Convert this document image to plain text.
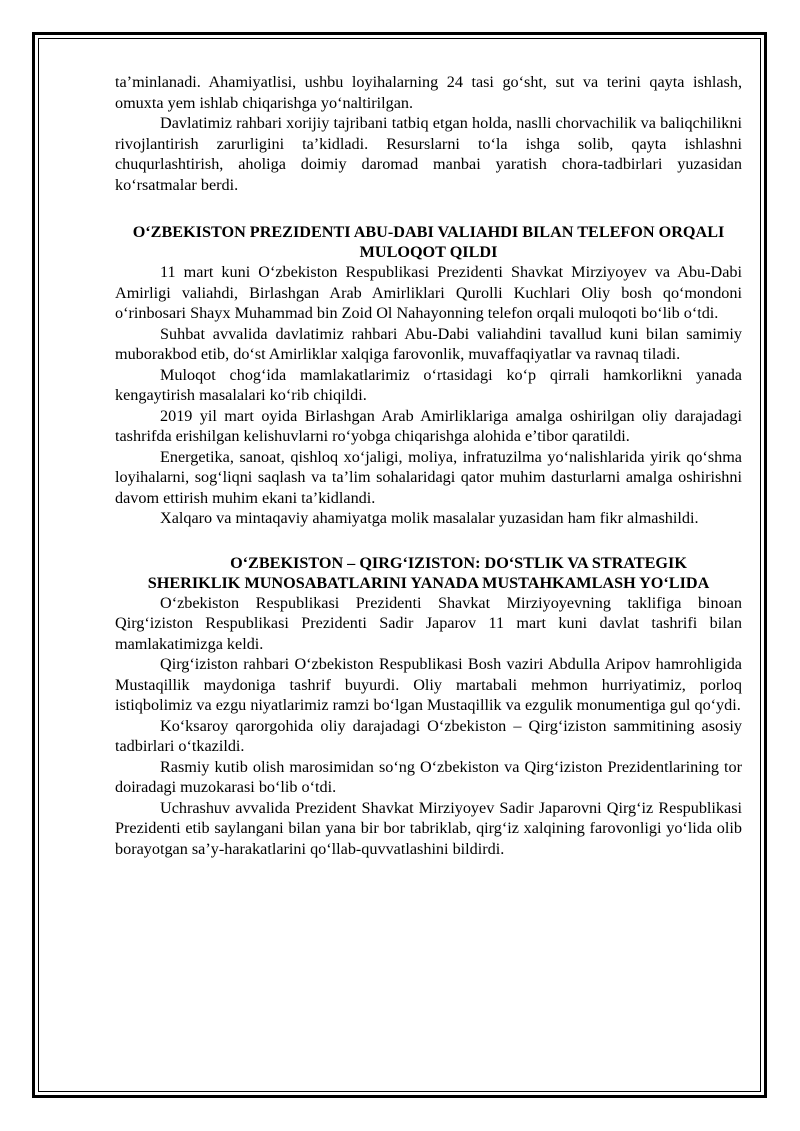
ta’minlanadi. Ahamiyatlisi, ushbu loyihalarning 24 tasi go‘sht, sut va terini qayta ishlash, omuxta yem ishlab chiqarishga yo‘naltirilgan.

Davlatimiz rahbari xorijiy tajribani tatbiq etgan holda, naslli chorvachilik va baliqchilikni rivojlantirish zarurligini ta’kidladi. Resurslarni to‘la ishga solib, qayta ishlashni chuqurlashtirish, aholiga doimiy daromad manbai yaratish chora-tadbirlari yuzasidan ko‘rsatmalar berdi.

O‘ZBEKISTON PREZIDENTI ABU-DABI VALIAHDI BILAN TELEFON ORQALI MULOQOT QILDI

11 mart kuni O‘zbekiston Respublikasi Prezidenti Shavkat Mirziyoyev va Abu-Dabi Amirligi valiahdi, Birlashgan Arab Amirliklari Qurolli Kuchlari Oliy bosh qo‘mondoni o‘rinbosari Shayx Muhammad bin Zoid Ol Nahayonning telefon orqali muloqoti bo‘lib o‘tdi.

Suhbat avvalida davlatimiz rahbari Abu-Dabi valiahdini tavallud kuni bilan samimiy muborakbod etib, do‘st Amirliklar xalqiga farovonlik, muvaffaqiyatlar va ravnaq tiladi.

Muloqot chog‘ida mamlakatlarimiz o‘rtasidagi ko‘p qirrali hamkorlikni yanada kengaytirish masalalari ko‘rib chiqildi.

2019 yil mart oyida Birlashgan Arab Amirliklariga amalga oshirilgan oliy darajadagi tashrifda erishilgan kelishuvlarni ro‘yobga chiqarishga alohida e’tibor qaratildi.

Energetika, sanoat, qishloq xo‘jaligi, moliya, infratuzilma yo‘nalishlarida yirik qo‘shma loyihalarni, sog‘liqni saqlash va ta’lim sohalaridagi qator muhim dasturlarni amalga oshirishni davom ettirish muhim ekani ta’kidlandi.

Xalqaro va mintaqaviy ahamiyatga molik masalalar yuzasidan ham fikr almashildi.

O‘ZBEKISTON – QIRG‘IZISTON: DO‘STLIK VA STRATEGIK
SHERIKLIK MUNOSABATLARINI YANADA MUSTAHKAMLASH YO‘LIDA

O‘zbekiston Respublikasi Prezidenti Shavkat Mirziyoyevning taklifiga binoan Qirg‘iziston Respublikasi Prezidenti Sadir Japarov 11 mart kuni davlat tashrifi bilan mamlakatimizga keldi.

Qirg‘iziston rahbari O‘zbekiston Respublikasi Bosh vaziri Abdulla Aripov hamrohligida Mustaqillik maydoniga tashrif buyurdi. Oliy martabali mehmon hurriyatimiz, porloq istiqbolimiz va ezgu niyatlarimiz ramzi bo‘lgan Mustaqillik va ezgulik monumentiga gul qo‘ydi.

Ko‘ksaroy qarorgohida oliy darajadagi O‘zbekiston – Qirg‘iziston sammitining asosiy tadbirlari o‘tkazildi.

Rasmiy kutib olish marosimidan so‘ng O‘zbekiston va Qirg‘iziston Prezidentlarining tor doiradagi muzokarasi bo‘lib o‘tdi.

Uchrashuv avvalida Prezident Shavkat Mirziyoyev Sadir Japarovni Qirg‘iz Respublikasi Prezidenti etib saylangani bilan yana bir bor tabriklab, qirg‘iz xalqining farovonligi yo‘lida olib borayotgan sa’y-harakatlarini qo‘llab-quvvatlashini bildirdi.
